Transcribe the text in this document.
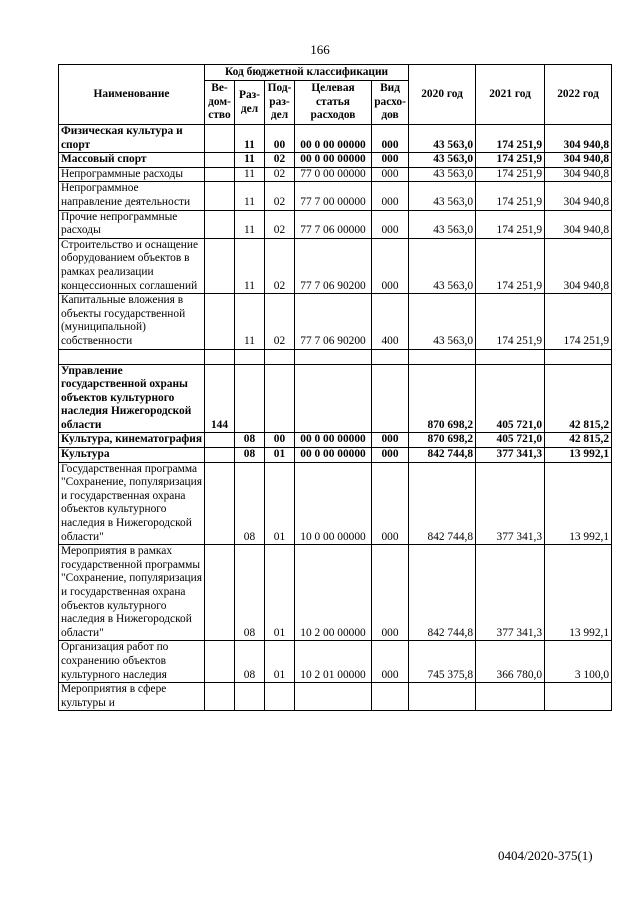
166
Наименование	Код бюджетной классификации					2020 год	2021 год	2022 год
	Ве-дом-ство	Раз-дел	Под-раз-дел	Целевая статья расходов	Вид расхо-дов			
Физическая культура и спорт		11	00	00 0 00 00000	000	43 563,0	174 251,9	304 940,8
Массовый спорт		11	02	00 0 00 00000	000	43 563,0	174 251,9	304 940,8
Непрограммные расходы		11	02	77 0 00 00000	000	43 563,0	174 251,9	304 940,8
Непрограммное направление деятельности		11	02	77 7 00 00000	000	43 563,0	174 251,9	304 940,8
Прочие непрограммные расходы		11	02	77 7 06 00000	000	43 563,0	174 251,9	304 940,8
Строительство и оснащение оборудованием объектов в рамках реализации концессионных соглашений		11	02	77 7 06 90200	000	43 563,0	174 251,9	304 940,8
Капитальные вложения в объекты государственной (муниципальной) собственности		11	02	77 7 06 90200	400	43 563,0	174 251,9	174 251,9

Управление государственной охраны объектов культурного наследия Нижегородской области	144					870 698,2	405 721,0	42 815,2
Культура, кинематография		08	00	00 0 00 00000	000	870 698,2	405 721,0	42 815,2
Культура		08	01	00 0 00 00000	000	842 744,8	377 341,3	13 992,1
Государственная программа "Сохранение, популяризация и государственная охрана объектов культурного наследия в Нижегородской области"		08	01	10 0 00 00000	000	842 744,8	377 341,3	13 992,1
Мероприятия в рамках государственной программы "Сохранение, популяризация и государственная охрана объектов культурного наследия в Нижегородской области"		08	01	10 2 00 00000	000	842 744,8	377 341,3	13 992,1
Организация работ по сохранению объектов культурного наследия		08	01	10 2 01 00000	000	745 375,8	366 780,0	3 100,0
Мероприятия в сфере культуры и								
0404/2020-375(1)
